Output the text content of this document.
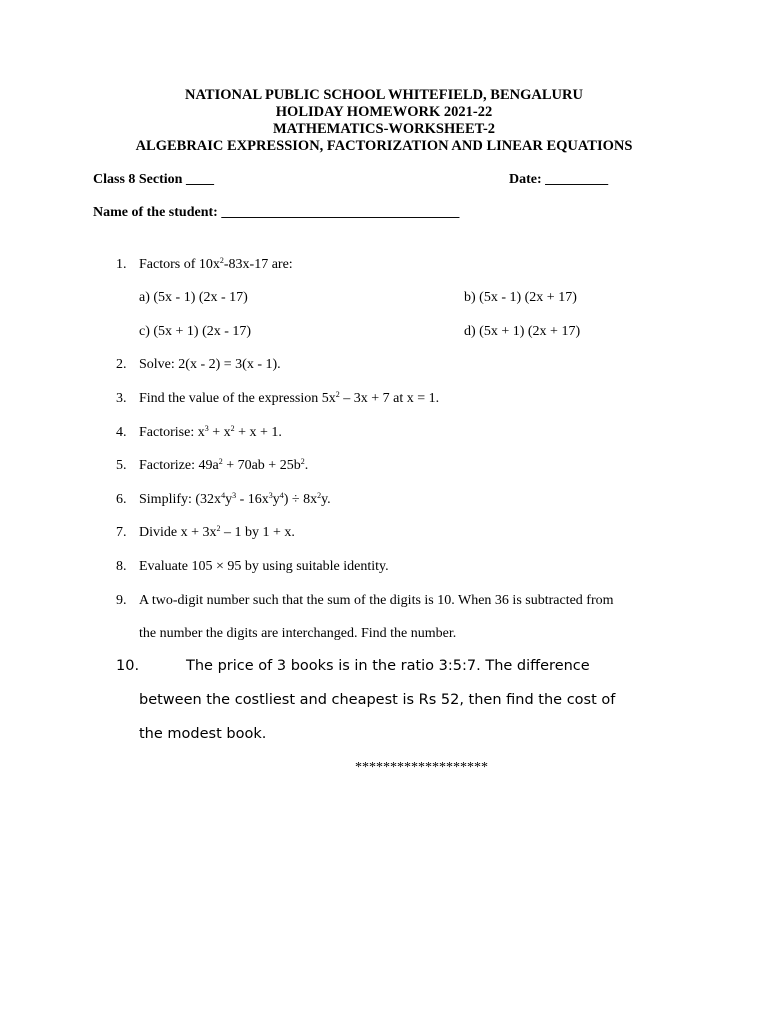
NATIONAL PUBLIC SCHOOL WHITEFIELD, BENGALURU
HOLIDAY HOMEWORK 2021-22
MATHEMATICS-WORKSHEET-2
ALGEBRAIC EXPRESSION, FACTORIZATION AND LINEAR EQUATIONS
Class 8 Section ____	Date: _________
Name of the student: __________________________________
1. Factors of $10x^2-83x-17$ are:
a) (5x - 1) (2x - 17)	b) (5x - 1) (2x + 17)
c) (5x + 1) (2x - 17)	d) (5x + 1) (2x + 17)
2. Solve: 2(x - 2) = 3(x - 1).
3. Find the value of the expression $5x^2 - 3x + 7$ at x = 1.
4. Factorise: $x^3 + x^2 + x + 1$.
5. Factorize: $49a^2 + 70ab + 25b^2$.
6. Simplify: $(32x^4y^3 - 16x^3y^4) \div 8x^2y$.
7. Divide $x + 3x^2 - 1$ by 1 + x.
8. Evaluate 105 × 95 by using suitable identity.
9. A two-digit number such that the sum of the digits is 10. When 36 is subtracted from
the number the digits are interchanged. Find the number.
10.	The price of 3 books is in the ratio 3:5:7. The difference
between the costliest and cheapest is Rs 52, then find the cost of
the modest book.
*******************
